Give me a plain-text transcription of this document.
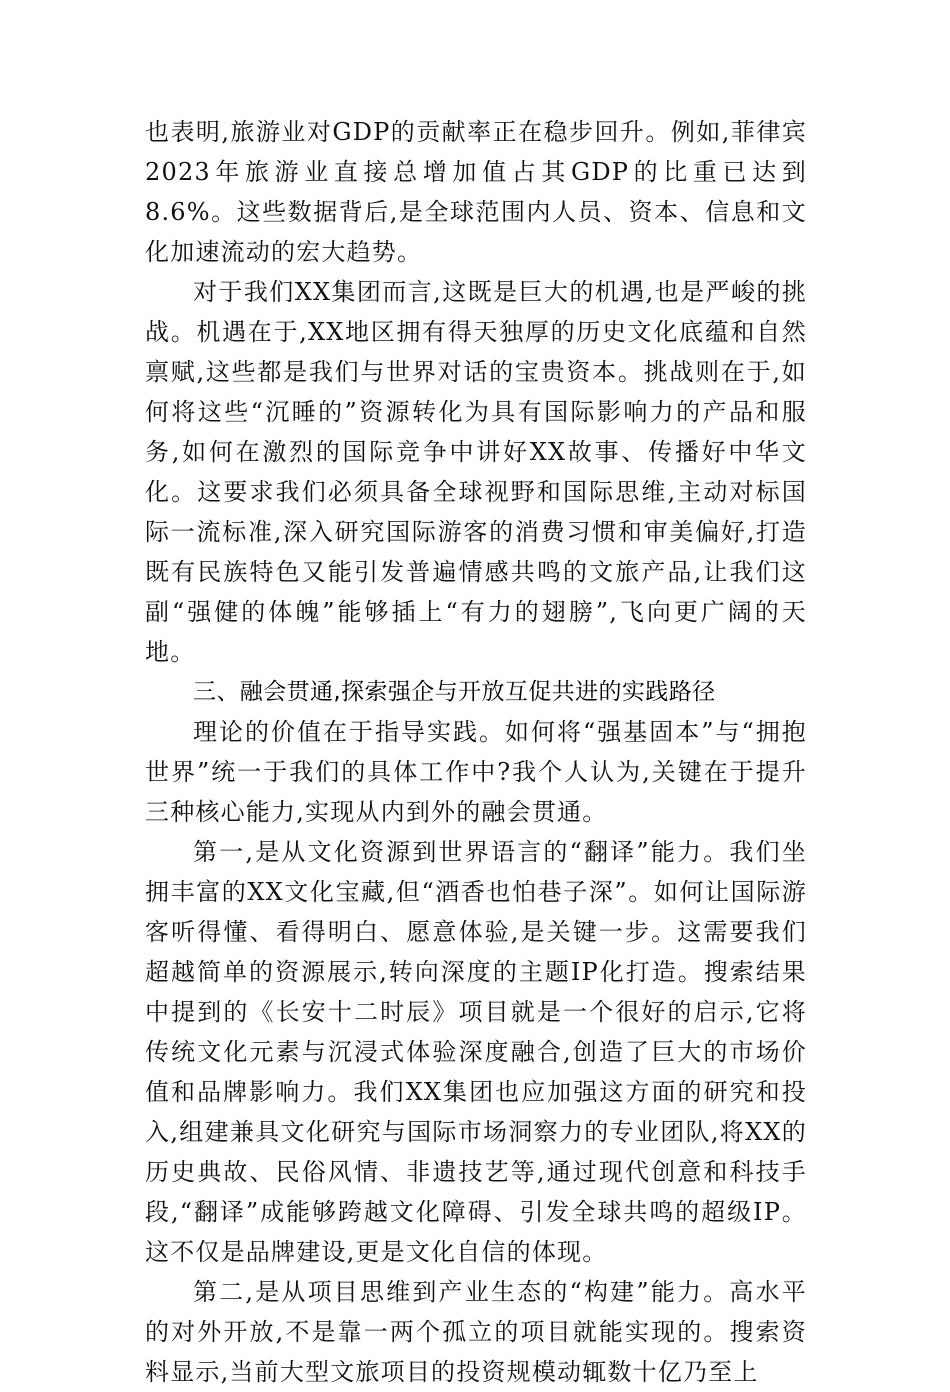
也表明,旅游业对GDP的贡献率正在稳步回升。例如,菲律宾2023年旅游业直接总增加值占其GDP的比重已达到8.6%。这些数据背后,是全球范围内人员、资本、信息和文化加速流动的宏大趋势。

对于我们XX集团而言,这既是巨大的机遇,也是严峻的挑战。机遇在于,XX地区拥有得天独厚的历史文化底蕴和自然禀赋,这些都是我们与世界对话的宝贵资本。挑战则在于,如何将这些“沉睡的”资源转化为具有国际影响力的产品和服务,如何在激烈的国际竞争中讲好XX故事、传播好中华文化。这要求我们必须具备全球视野和国际思维,主动对标国际一流标准,深入研究国际游客的消费习惯和审美偏好,打造既有民族特色又能引发普遍情感共鸣的文旅产品,让我们这副“强健的体魄”能够插上“有力的翅膀”,飞向更广阔的天地。

三、融会贯通,探索强企与开放互促共进的实践路径

理论的价值在于指导实践。如何将“强基固本”与“拥抱世界”统一于我们的具体工作中?我个人认为,关键在于提升三种核心能力,实现从内到外的融会贯通。

第一,是从文化资源到世界语言的“翻译”能力。我们坐拥丰富的XX文化宝藏,但“酒香也怕巷子深”。如何让国际游客听得懂、看得明白、愿意体验,是关键一步。这需要我们超越简单的资源展示,转向深度的主题IP化打造。搜索结果中提到的《长安十二时辰》项目就是一个很好的启示,它将传统文化元素与沉浸式体验深度融合,创造了巨大的市场价值和品牌影响力。我们XX集团也应加强这方面的研究和投入,组建兼具文化研究与国际市场洞察力的专业团队,将XX的历史典故、民俗风情、非遗技艺等,通过现代创意和科技手段,“翻译”成能够跨越文化障碍、引发全球共鸣的超级IP。这不仅是品牌建设,更是文化自信的体现。

第二,是从项目思维到产业生态的“构建”能力。高水平的对外开放,不是靠一两个孤立的项目就能实现的。搜索资料显示,当前大型文旅项目的投资规模动辄数十亿乃至上
